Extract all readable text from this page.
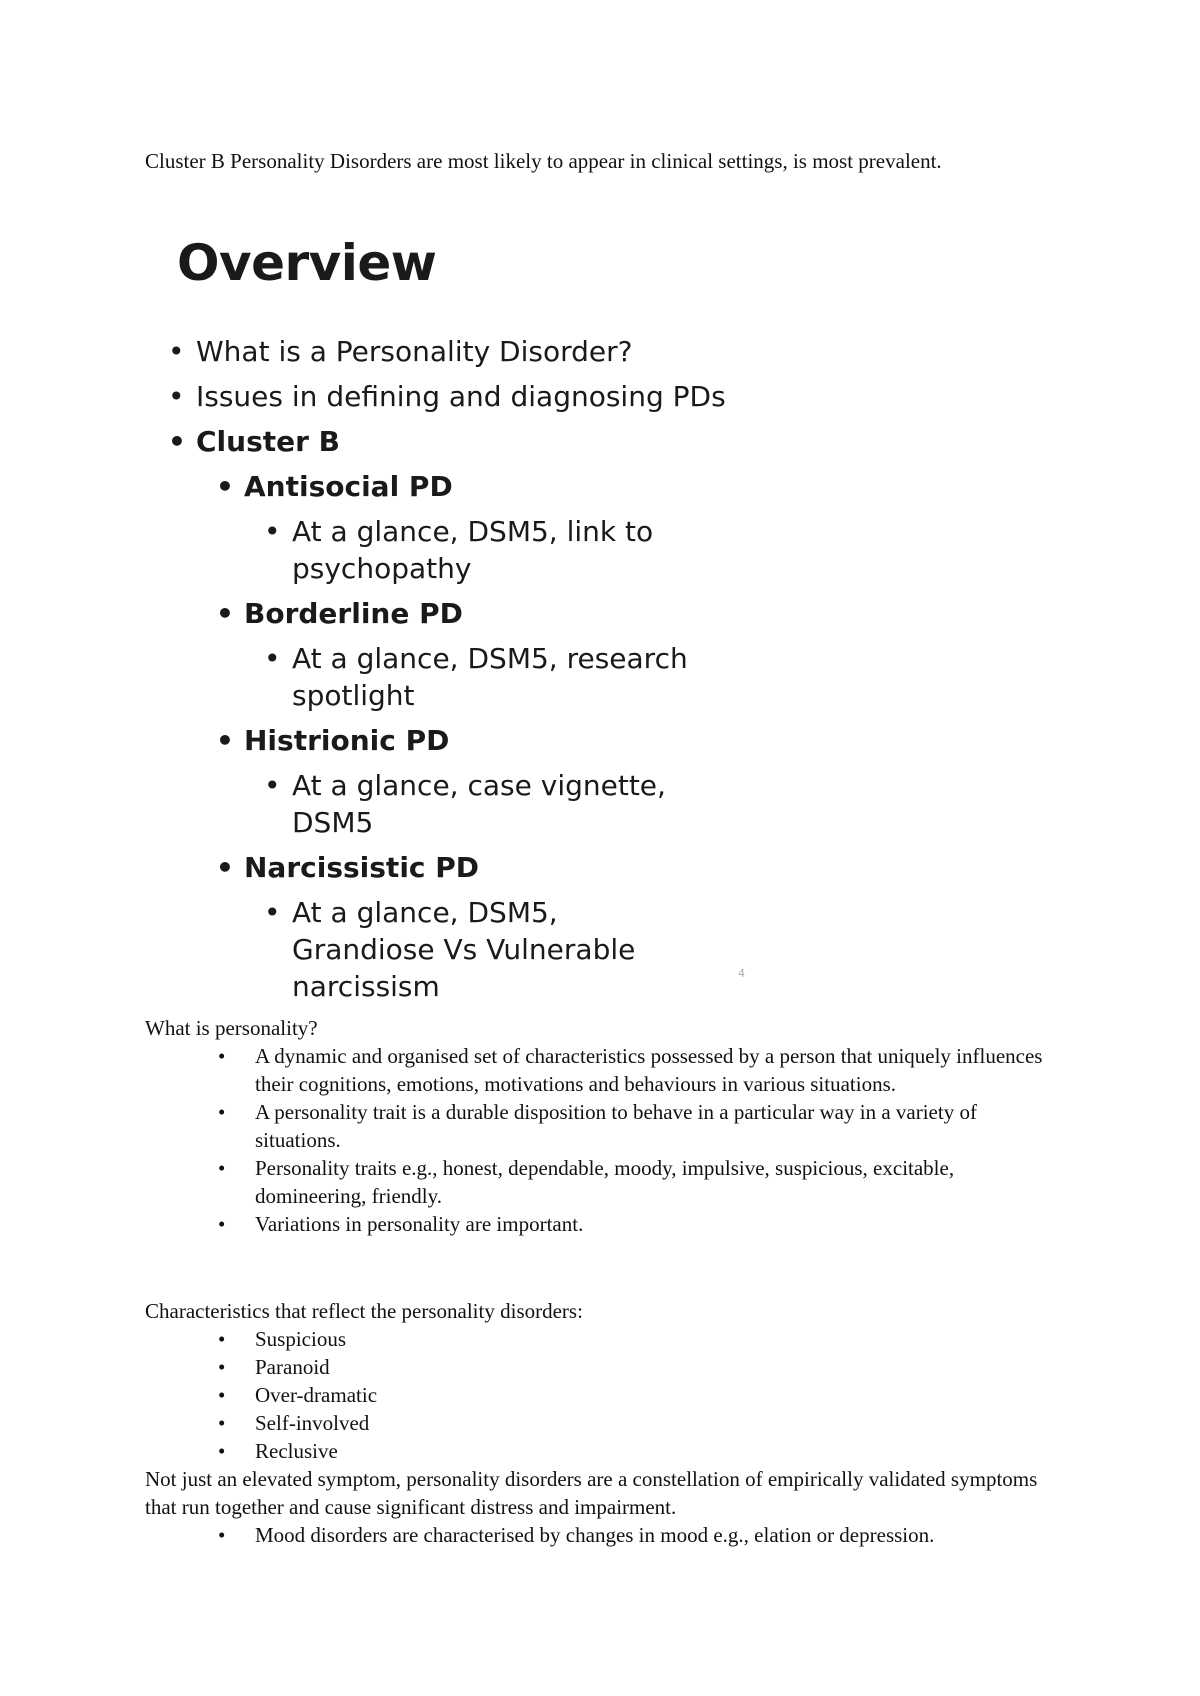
Cluster B Personality Disorders are most likely to appear in clinical settings, is most prevalent.

Overview
• What is a Personality Disorder?
• Issues in defining and diagnosing PDs
• Cluster B
• Antisocial PD
• At a glance, DSM5, link to psychopathy
• Borderline PD
• At a glance, DSM5, research spotlight
• Histrionic PD
• At a glance, case vignette, DSM5
• Narcissistic PD
• At a glance, DSM5, Grandiose Vs Vulnerable narcissism	4

What is personality?

• A dynamic and organised set of characteristics possessed by a person that uniquely influences their cognitions, emotions, motivations and behaviours in various situations.
• A personality trait is a durable disposition to behave in a particular way in a variety of situations.
• Personality traits e.g., honest, dependable, moody, impulsive, suspicious, excitable, domineering, friendly.
• Variations in personality are important.

Characteristics that reflect the personality disorders:

• Suspicious
• Paranoid
• Over-dramatic
• Self-involved
• Reclusive

Not just an elevated symptom, personality disorders are a constellation of empirically validated symptoms that run together and cause significant distress and impairment.

• Mood disorders are characterised by changes in mood e.g., elation or depression.
